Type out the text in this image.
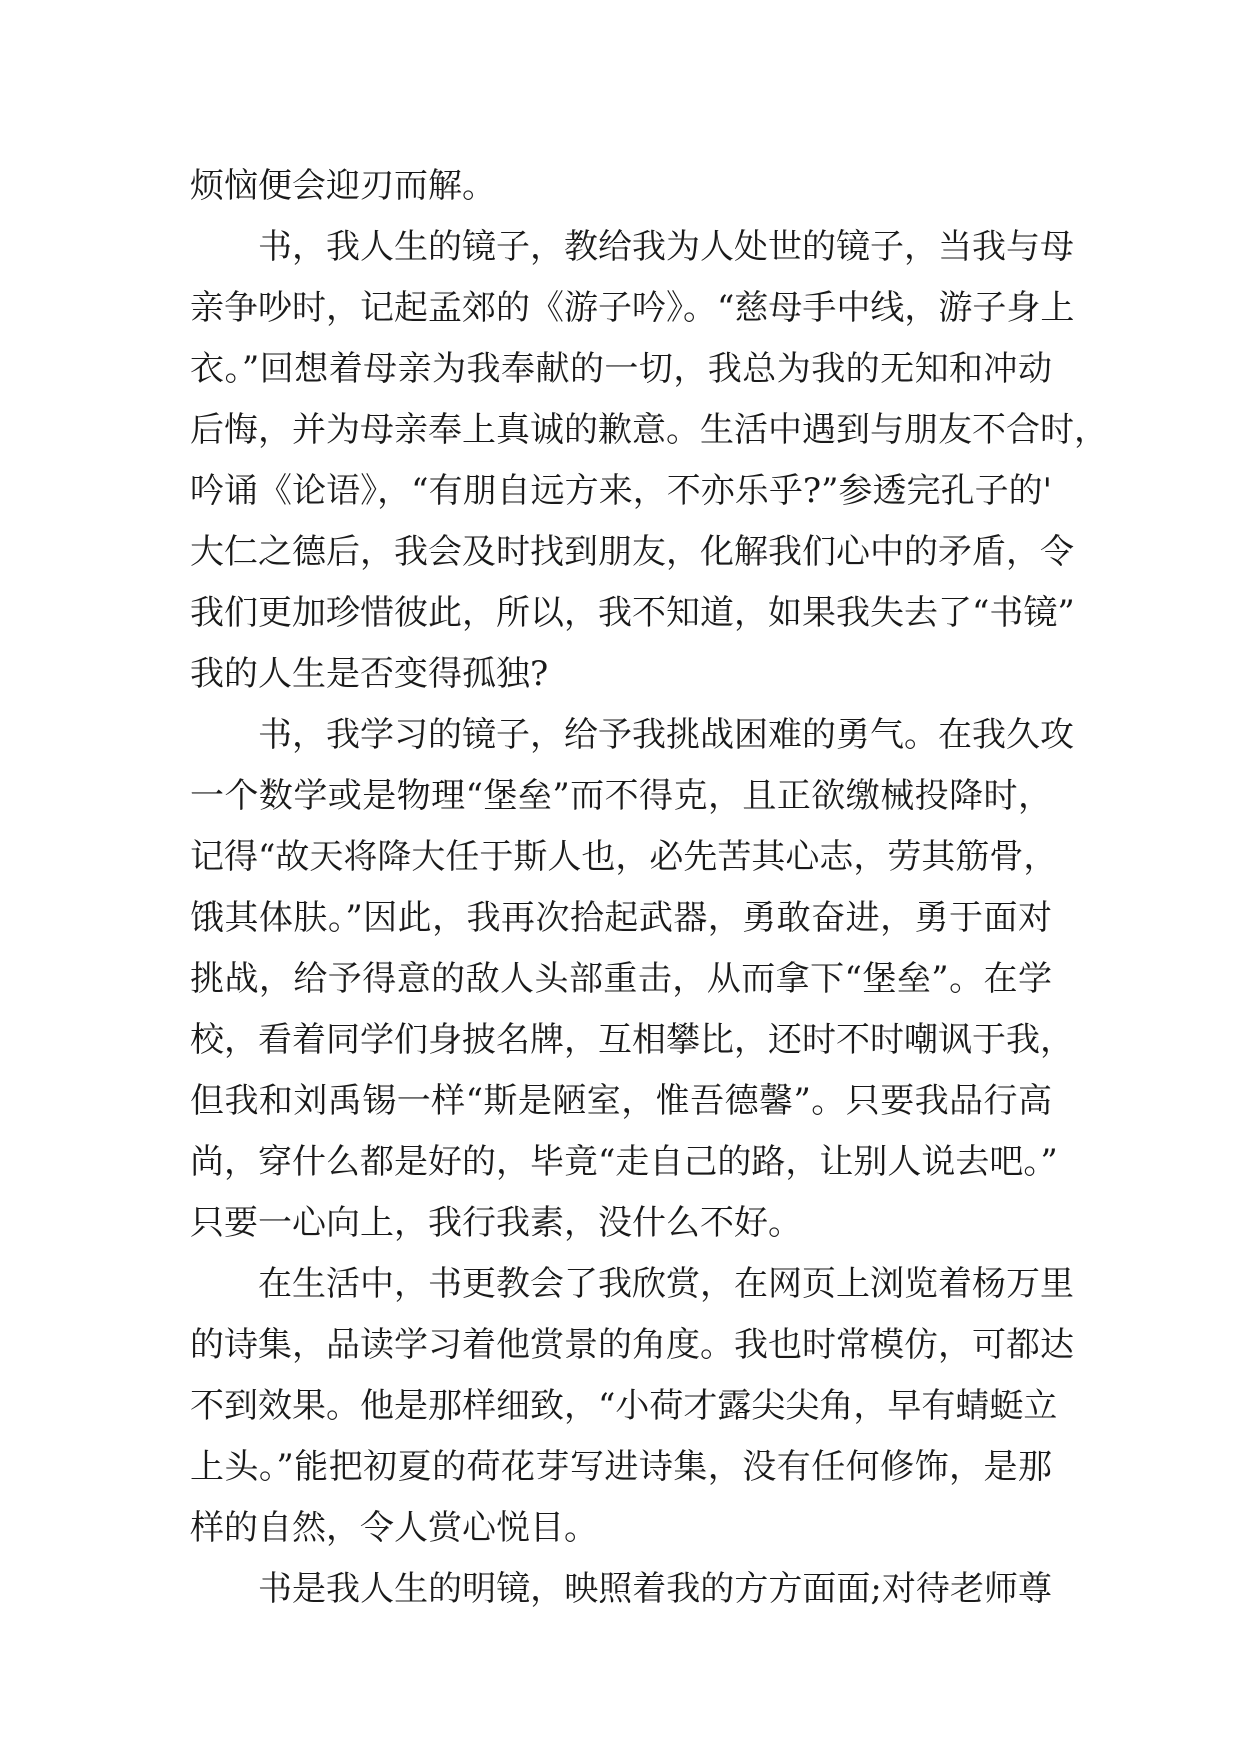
烦恼便会迎刃而解。
书，我人生的镜子，教给我为人处世的镜子，当我与母
亲争吵时，记起孟郊的《游子吟》。“慈母手中线，游子身上
衣。”回想着母亲为我奉献的一切，我总为我的无知和冲动
后悔，并为母亲奉上真诚的歉意。生活中遇到与朋友不合时，
吟诵《论语》，“有朋自远方来，不亦乐乎?”参透完孔子的'
大仁之德后，我会及时找到朋友，化解我们心中的矛盾，令
我们更加珍惜彼此，所以，我不知道，如果我失去了“书镜”
我的人生是否变得孤独?
书，我学习的镜子，给予我挑战困难的勇气。在我久攻
一个数学或是物理“堡垒”而不得克，且正欲缴械投降时，
记得“故天将降大任于斯人也，必先苦其心志，劳其筋骨，
饿其体肤。”因此，我再次拾起武器，勇敢奋进，勇于面对
挑战，给予得意的敌人头部重击，从而拿下“堡垒”。在学
校，看着同学们身披名牌，互相攀比，还时不时嘲讽于我，
但我和刘禹锡一样“斯是陋室，惟吾德馨”。只要我品行高
尚，穿什么都是好的，毕竟“走自己的路，让别人说去吧。”
只要一心向上，我行我素，没什么不好。
在生活中，书更教会了我欣赏，在网页上浏览着杨万里
的诗集，品读学习着他赏景的角度。我也时常模仿，可都达
不到效果。他是那样细致，“小荷才露尖尖角，早有蜻蜓立
上头。”能把初夏的荷花芽写进诗集，没有任何修饰，是那
样的自然，令人赏心悦目。
书是我人生的明镜，映照着我的方方面面;对待老师尊
